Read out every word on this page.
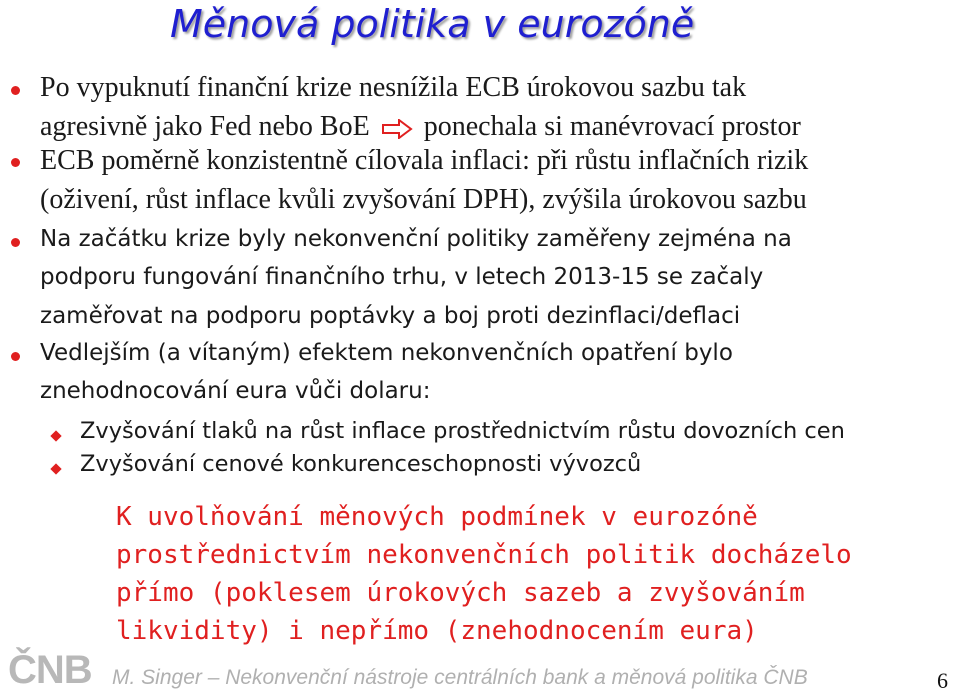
Měnová politika v eurozóně
Po vypuknutí finanční krize nesnížila ECB úrokovou sazbu tak
agresivně jako Fed nebo BoE ponechala si manévrovací prostor
ECB poměrně konzistentně cílovala inflaci: při růstu inflačních rizik
(oživení, růst inflace kvůli zvyšování DPH), zvýšila úrokovou sazbu
Na začátku krize byly nekonvenční politiky zaměřeny zejména na
podporu fungování finančního trhu, v letech 2013-15 se začaly
zaměřovat na podporu poptávky a boj proti dezinflaci/deflaci
Vedlejším (a vítaným) efektem nekonvenčních opatření bylo
znehodnocování eura vůči dolaru:
Zvyšování tlaků na růst inflace prostřednictvím růstu dovozních cen
Zvyšování cenové konkurenceschopnosti vývozců
K uvolňování měnových podmínek v eurozóně
prostřednictvím nekonvenčních politik docházelo
přímo (poklesem úrokových sazeb a zvyšováním
likvidity) i nepřímo (znehodnocením eura)
ČNB M. Singer – Nekonvenční nástroje centrálních bank a měnová politika ČNB	6
